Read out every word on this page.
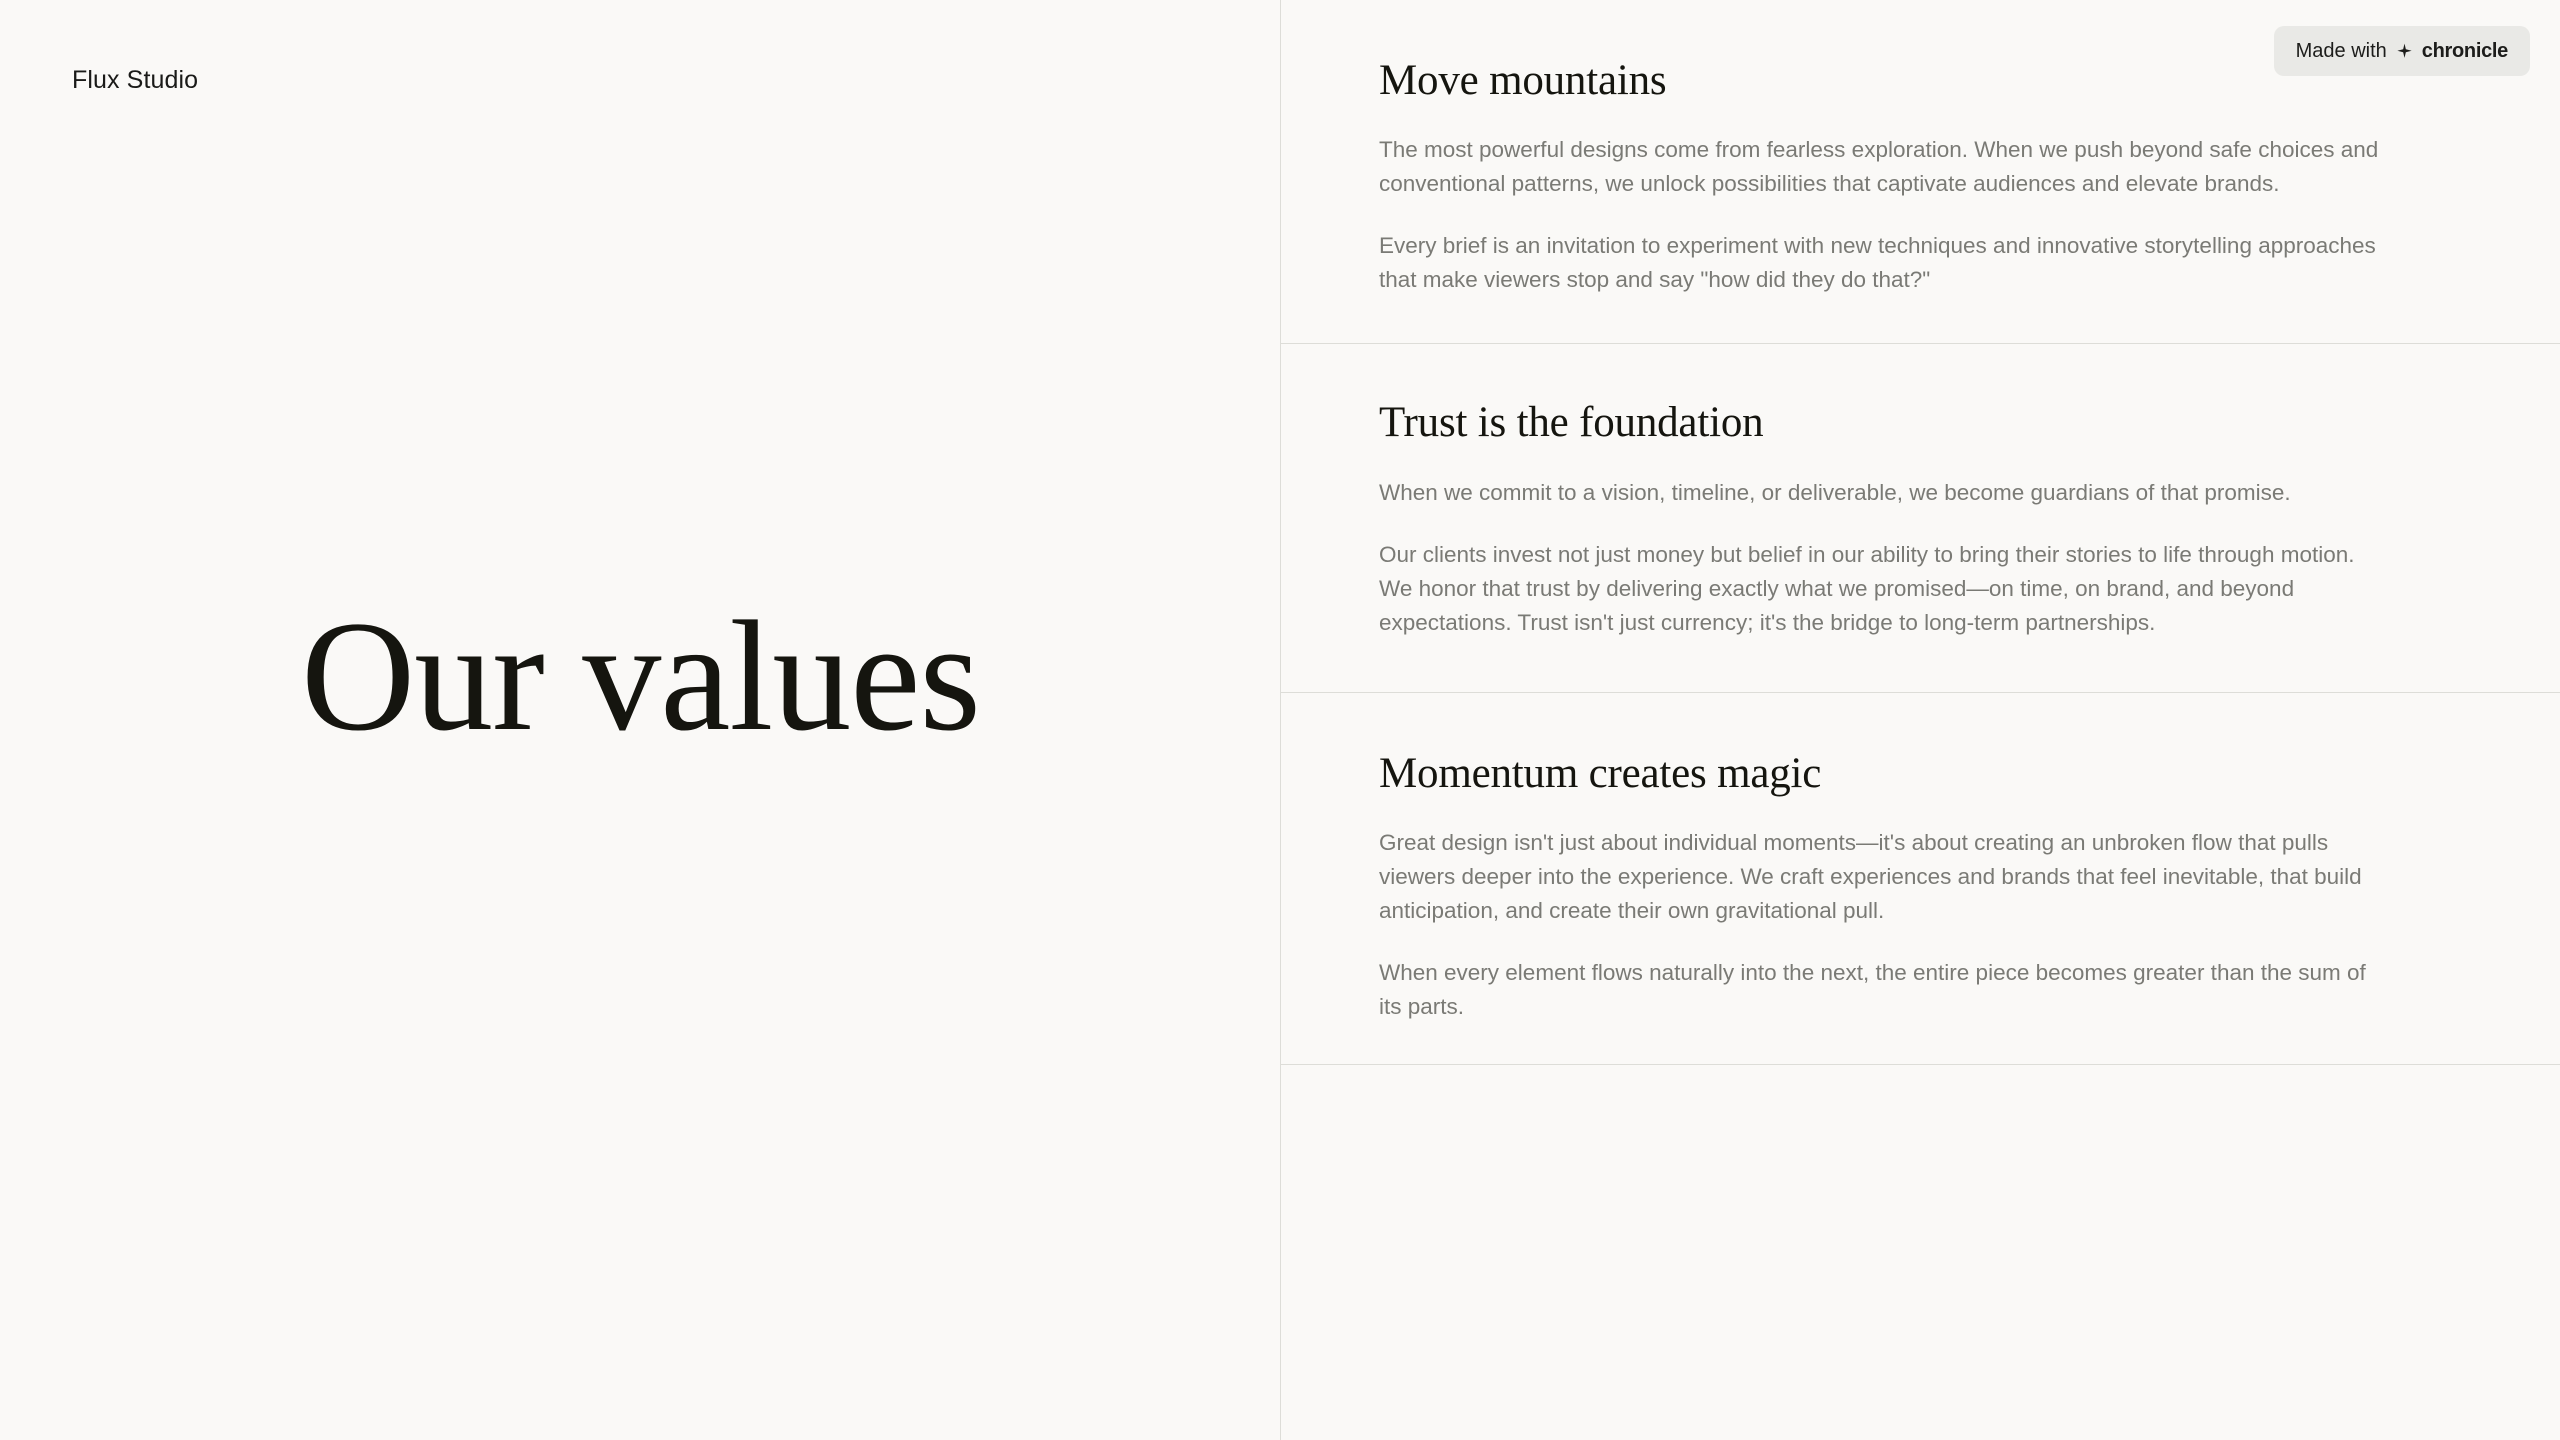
Flux Studio
Our values
Move mountains

The most powerful designs come from fearless exploration. When we push beyond safe choices and conventional patterns, we unlock possibilities that captivate audiences and elevate brands.

Every brief is an invitation to experiment with new techniques and innovative storytelling approaches that make viewers stop and say "how did they do that?"

Trust is the foundation

When we commit to a vision, timeline, or deliverable, we become guardians of that promise.

Our clients invest not just money but belief in our ability to bring their stories to life through motion. We honor that trust by delivering exactly what we promised—on time, on brand, and beyond expectations. Trust isn't just currency; it's the bridge to long-term partnerships.

Momentum creates magic

Great design isn't just about individual moments—it's about creating an unbroken flow that pulls viewers deeper into the experience. We craft experiences and brands that feel inevitable, that build anticipation, and create their own gravitational pull.

When every element flows naturally into the next, the entire piece becomes greater than the sum of its parts.

Made with chronicle
